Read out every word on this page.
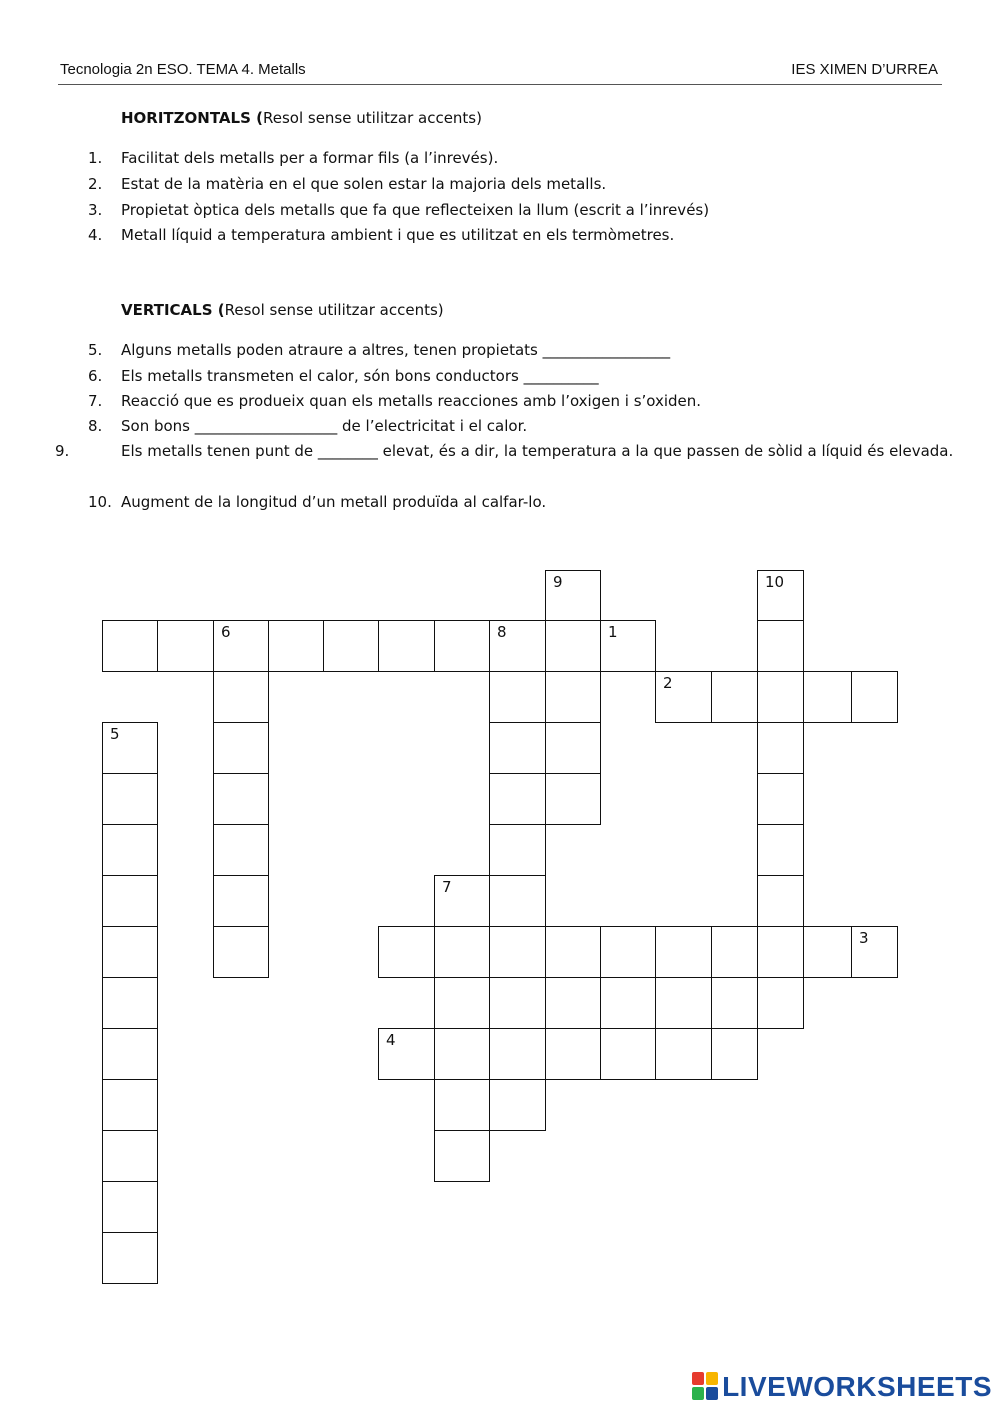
Tecnologia 2n ESO. TEMA 4. Metalls	IES XIMEN D’URREA
HORITZONTALS (Resol sense utilitzar accents)
1. Facilitat dels metalls per a formar fils (a l’inrevés).
2. Estat de la matèria en el que solen estar la majoria dels metalls.
3. Propietat òptica dels metalls que fa que reflecteixen la llum (escrit a l’inrevés)
4. Metall líquid a temperatura ambient i que es utilitzat en els termòmetres.
VERTICALS (Resol sense utilitzar accents)
5. Alguns metalls poden atraure a altres, tenen propietats _________________
6. Els metalls transmeten el calor, són bons conductors __________
7. Reacció que es produeix quan els metalls reacciones amb l’oxigen i s’oxiden.
8. Son bons ___________________ de l’electricitat i el calor.
9.	Els metalls tenen punt de ________ elevat, és a dir, la temperatura a la que passen de sòlid a líquid és elevada.
10. Augment de la longitud d’un metall produïda al calfar-lo.
9	10
6	8	1
2
5
7
3
4
LIVEWORKSHEETS
